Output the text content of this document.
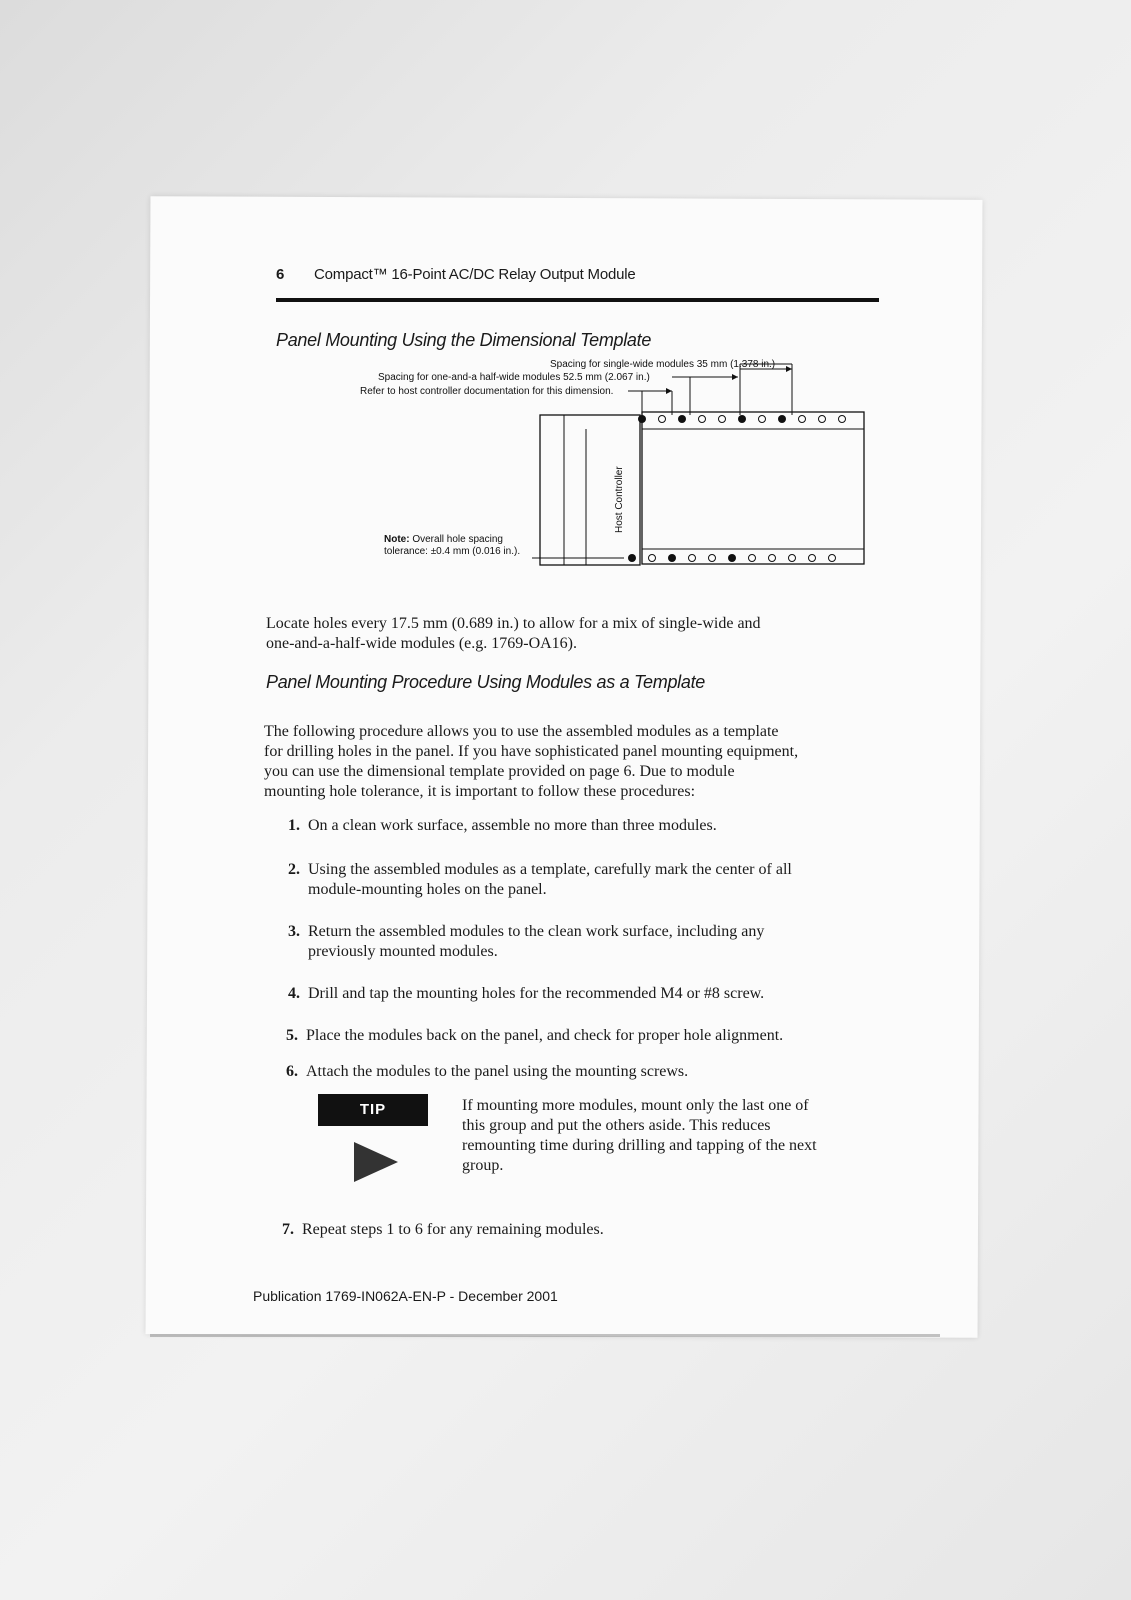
6 Compact™ 16-Point AC/DC Relay Output Module
Panel Mounting Using the Dimensional Template
Spacing for single-wide modules 35 mm (1.378 in.)
Spacing for one-and-a half-wide modules 52.5 mm (2.067 in.)
Refer to host controller documentation for this dimension.
Host Controller
Note: Overall hole spacing
tolerance: ±0.4 mm (0.016 in.).
Locate holes every 17.5 mm (0.689 in.) to allow for a mix of single-wide and
one-and-a-half-wide modules (e.g. 1769-OA16).
Panel Mounting Procedure Using Modules as a Template
The following procedure allows you to use the assembled modules as a template
for drilling holes in the panel. If you have sophisticated panel mounting equipment,
you can use the dimensional template provided on page 6. Due to module
mounting hole tolerance, it is important to follow these procedures:
1. On a clean work surface, assemble no more than three modules.
2. Using the assembled modules as a template, carefully mark the center of all
module-mounting holes on the panel.
3. Return the assembled modules to the clean work surface, including any
previously mounted modules.
4. Drill and tap the mounting holes for the recommended M4 or #8 screw.
5. Place the modules back on the panel, and check for proper hole alignment.
6. Attach the modules to the panel using the mounting screws.
TIP	If mounting more modules, mount only the last one of
this group and put the others aside. This reduces
remounting time during drilling and tapping of the next
group.
7. Repeat steps 1 to 6 for any remaining modules.
Publication 1769-IN062A-EN-P - December 2001
